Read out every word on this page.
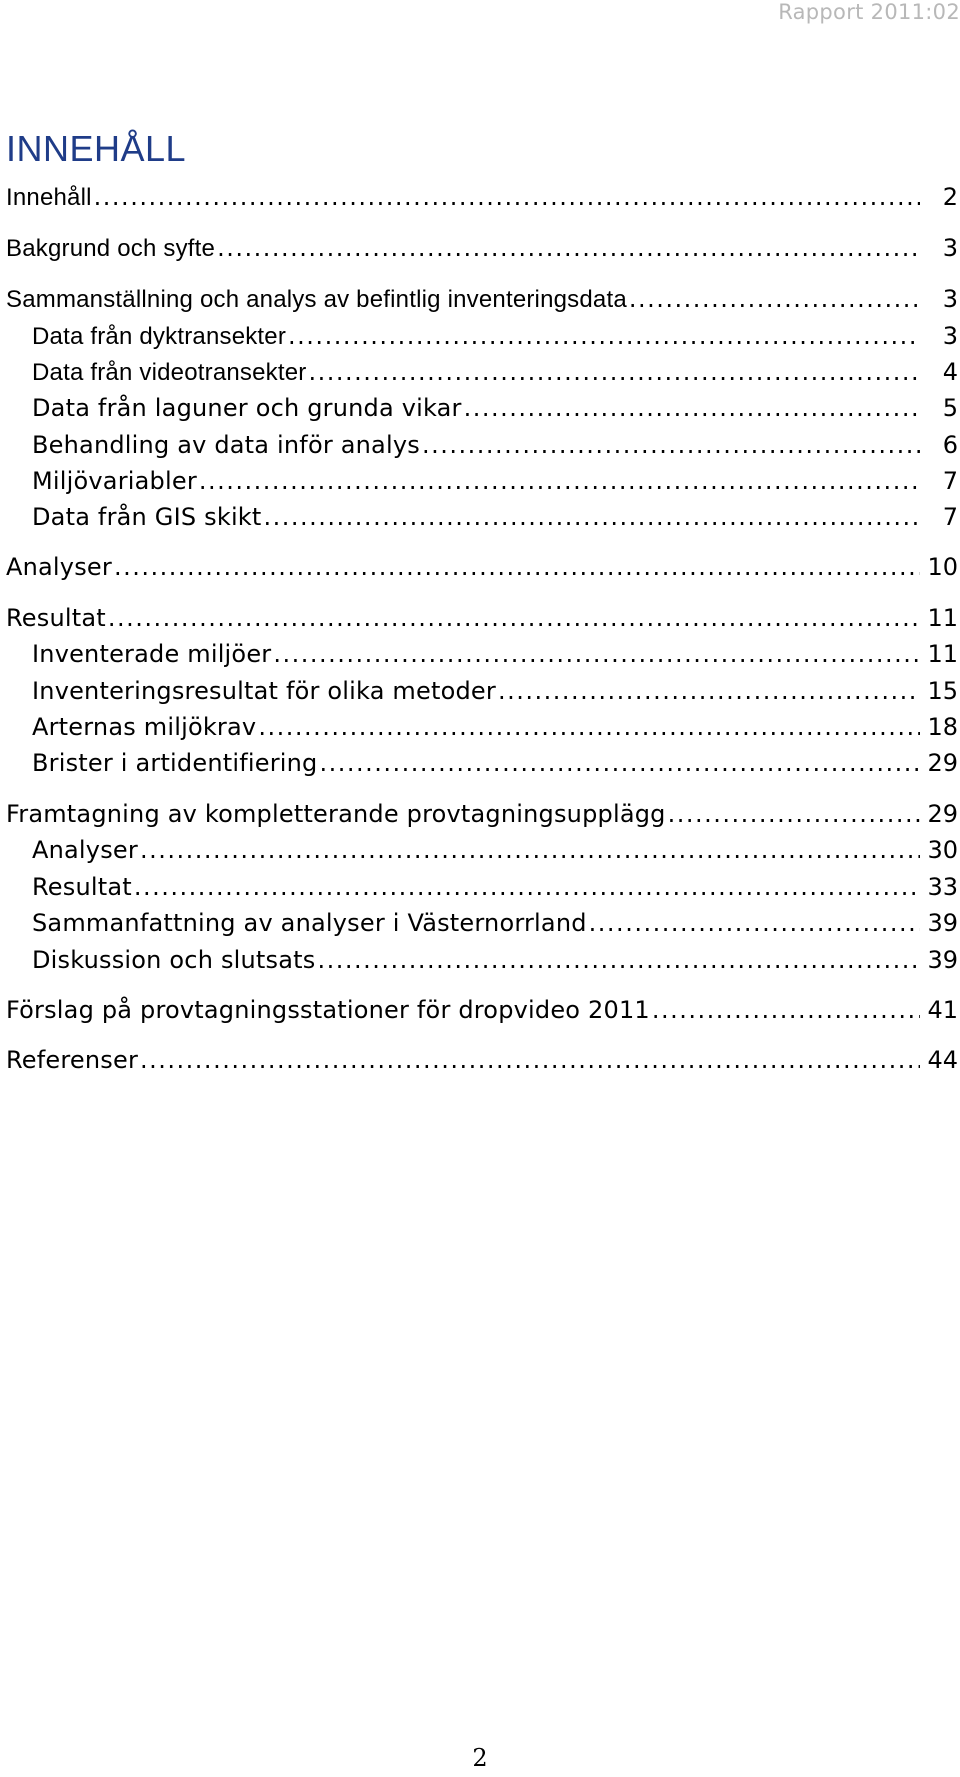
Rapport 2011:02
INNEHÅLL
Innehåll .....	2
Bakgrund och syfte .....	3
Sammanställning och analys av befintlig inventeringsdata .....	3
Data från dyktransekter .....	3
Data från videotransekter .....	4
Data från laguner och grunda vikar .....	5
Behandling av data inför analys .....	6
Miljövariabler .....	7
Data från GIS skikt .....	7
Analyser .....	10
Resultat .....	11
Inventerade miljöer .....	11
Inventeringsresultat för olika metoder .....	15
Arternas miljökrav .....	18
Brister i artidentifiering .....	29
Framtagning av kompletterande provtagningsupplägg .....	29
Analyser .....	30
Resultat .....	33
Sammanfattning av analyser i Västernorrland .....	39
Diskussion och slutsats .....	39
Förslag på provtagningsstationer för dropvideo 2011 .....	41
Referenser .....	44
2
